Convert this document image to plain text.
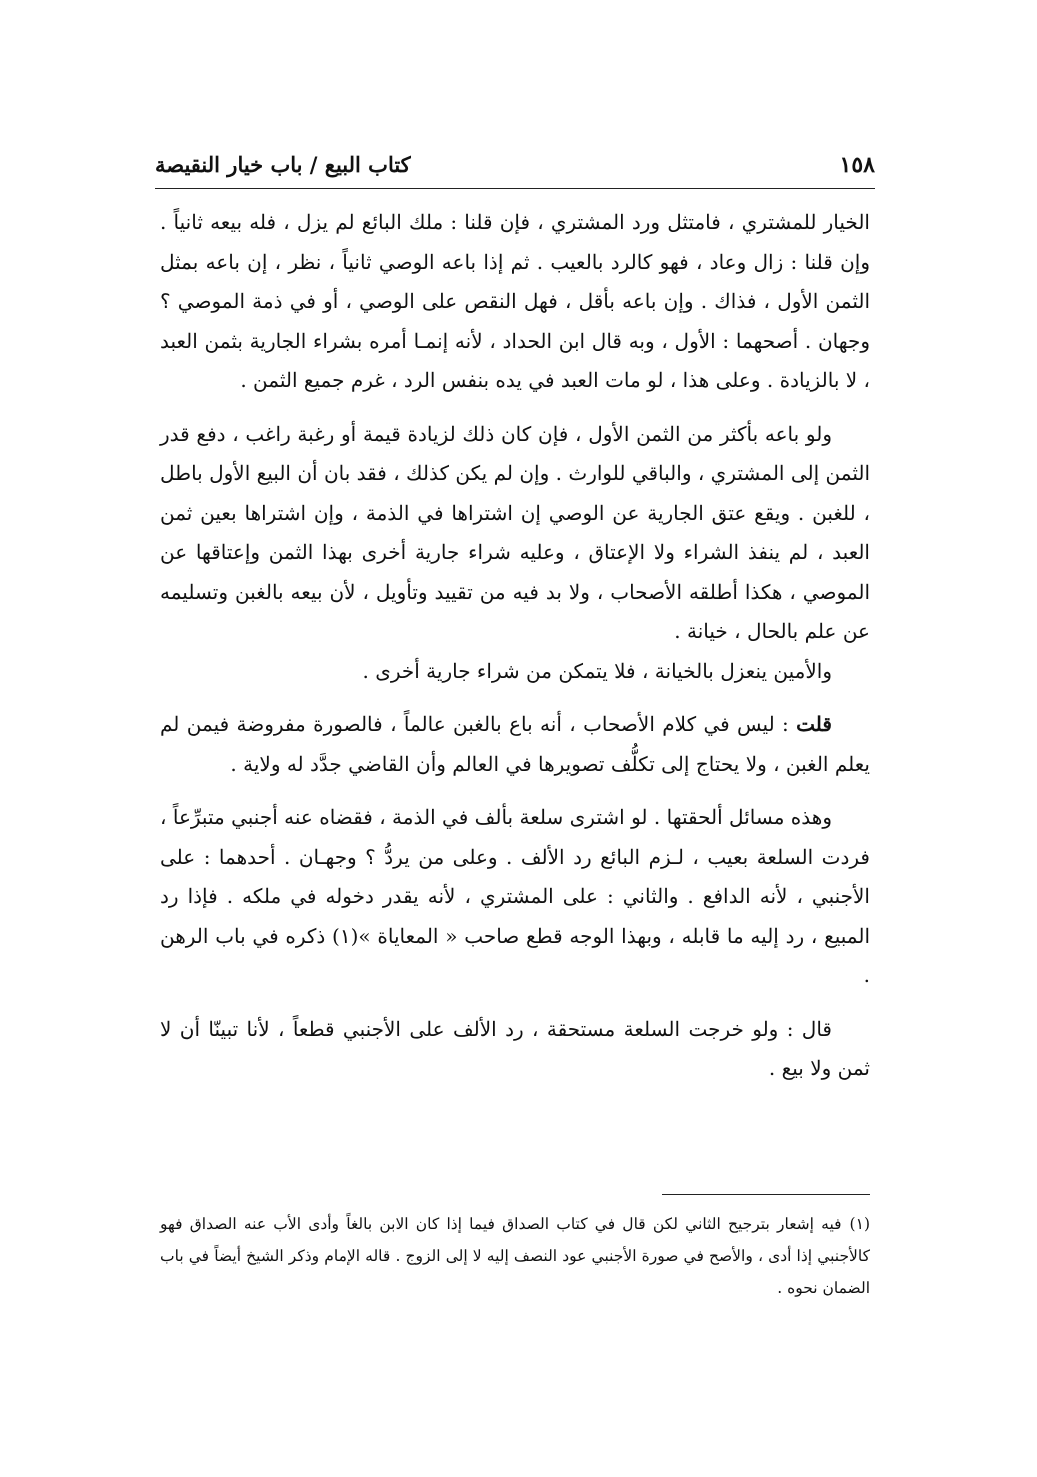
١٥٨
كتاب البيع / باب خيار النقيصة

الخيار للمشتري ، فامتثل ورد المشتري ، فإن قلنا : ملك البائع لم يزل ، فله بيعه ثانياً . وإن قلنا : زال وعاد ، فهو كالرد بالعيب . ثم إذا باعه الوصي ثانياً ، نظر ، إن باعه بمثل الثمن الأول ، فذاك . وإن باعه بأقل ، فهل النقص على الوصي ، أو في ذمة الموصي ؟ وجهان . أصحهما : الأول ، وبه قال ابن الحداد ، لأنه إنمـا أمره بشراء الجارية بثمن العبد ، لا بالزيادة . وعلى هذا ، لو مات العبد في يده بنفس الرد ، غرم جميع الثمن .

ولو باعه بأكثر من الثمن الأول ، فإن كان ذلك لزيادة قيمة أو رغبة راغب ، دفع قدر الثمن إلى المشتري ، والباقي للوارث . وإن لم يكن كذلك ، فقد بان أن البيع الأول باطل ، للغبن . ويقع عتق الجارية عن الوصي إن اشتراها في الذمة ، وإن اشتراها بعين ثمن العبد ، لم ينفذ الشراء ولا الإعتاق ، وعليه شراء جارية أخرى بهذا الثمن وإعتاقها عن الموصي ، هكذا أطلقه الأصحاب ، ولا بد فيه من تقييد وتأويل ، لأن بيعه بالغبن وتسليمه عن علم بالحال ، خيانة .

والأمين ينعزل بالخيانة ، فلا يتمكن من شراء جارية أخرى .

قلت : ليس في كلام الأصحاب ، أنه باع بالغبن عالماً ، فالصورة مفروضة فيمن لم يعلم الغبن ، ولا يحتاج إلى تكلُّف تصويرها في العالم وأن القاضي جدَّد له ولاية .

وهذه مسائل ألحقتها . لو اشترى سلعة بألف في الذمة ، فقضاه عنه أجنبي متبرِّعاً ، فردت السلعة بعيب ، لـزم البائع رد الألف . وعلى من يردُّ ؟ وجهـان . أحدهما : على الأجنبي ، لأنه الدافع . والثاني : على المشتري ، لأنه يقدر دخوله في ملكه . فإذا رد المبيع ، رد إليه ما قابله ، وبهذا الوجه قطع صاحب « المعاياة »(١) ذكره في باب الرهن .

قال : ولو خرجت السلعة مستحقة ، رد الألف على الأجنبي قطعاً ، لأنا تبينّا أن لا ثمن ولا بيع .

(١)فيه إشعار بترجيح الثاني لكن قال في كتاب الصداق فيما إذا كان الابن بالغاً وأدى الأب عنه الصداق فهو كالأجنبي إذا أدى ، والأصح في صورة الأجنبي عود النصف إليه لا إلى الزوج . قاله الإمام وذكر الشيخ أيضاً في باب الضمان نحوه .
